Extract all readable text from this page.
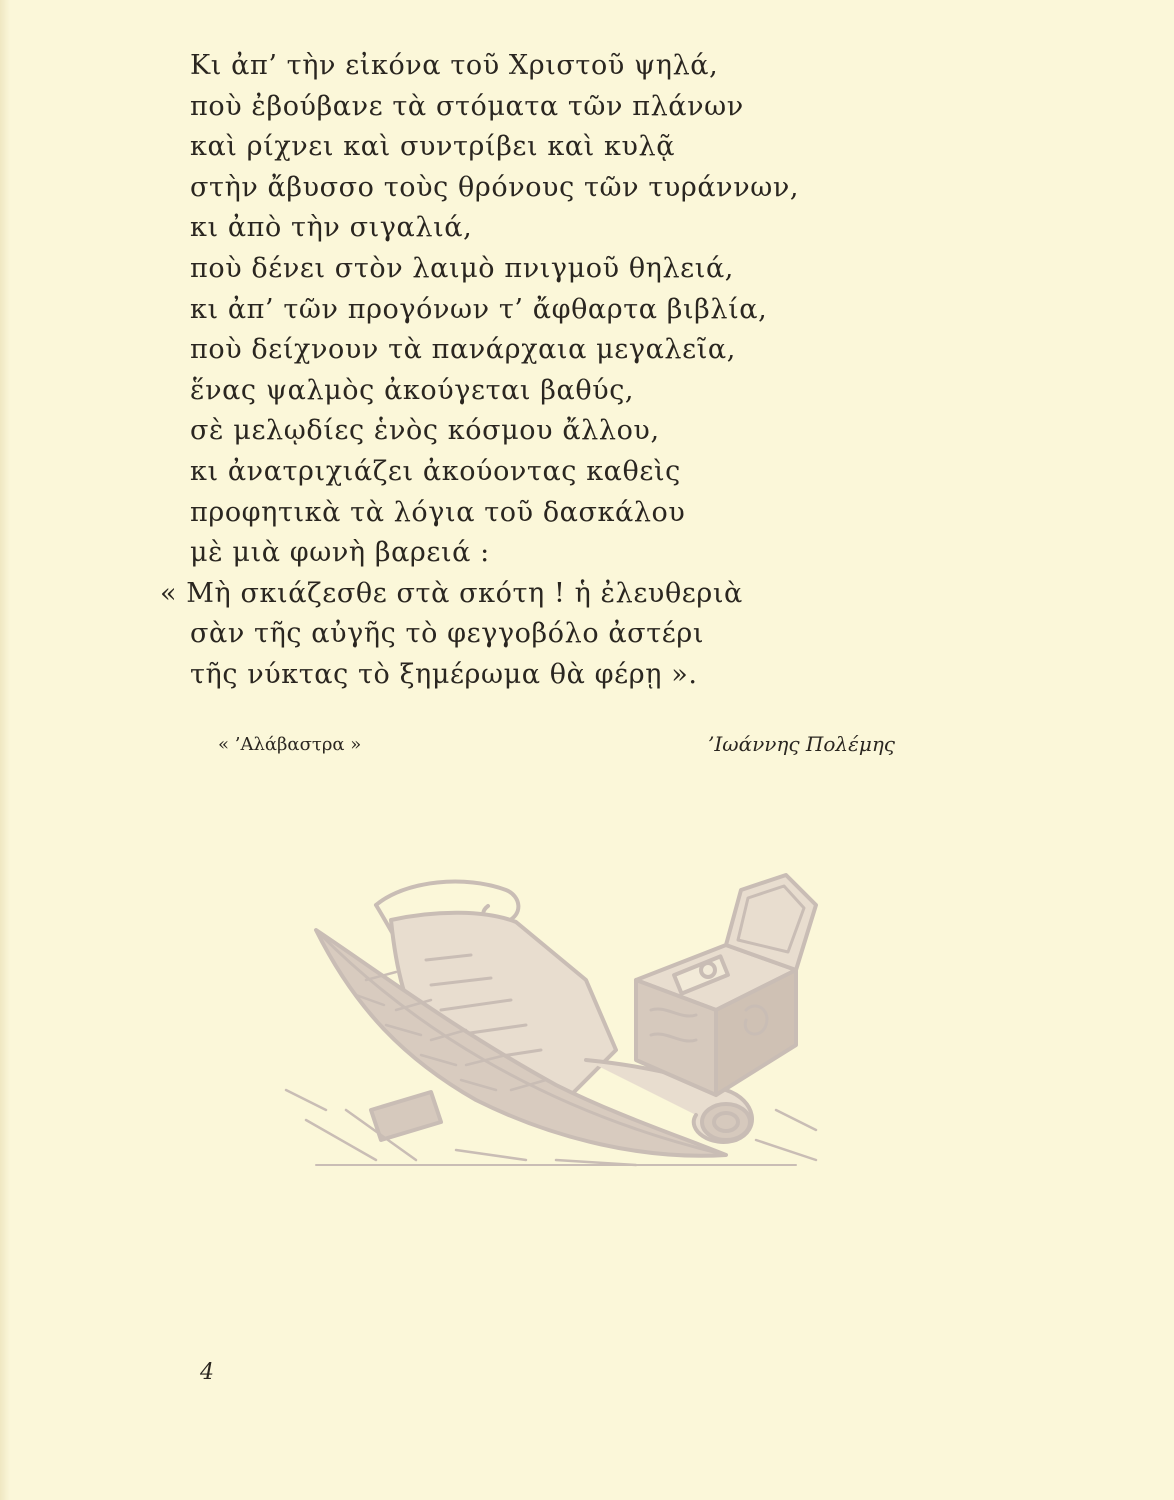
Κι ἀπ’ τὴν εἰκόνα τοῦ Χριστοῦ ψηλά,
ποὺ ἐβούβανε τὰ στόματα τῶν πλάνων
καὶ ρίχνει καὶ συντρίβει καὶ κυλᾷ
στὴν ἄβυσσο τοὺς θρόνους τῶν τυράννων,
κι ἀπὸ τὴν σιγαλιά,
ποὺ δένει στὸν λαιμὸ πνιγμοῦ θηλειά,
κι ἀπ’ τῶν προγόνων τ’ ἄφθαρτα βιβλία,
ποὺ δείχνουν τὰ πανάρχαια μεγαλεῖα,
ἕνας ψαλμὸς ἀκούγεται βαθύς,
σὲ μελῳδίες ἑνὸς κόσμου ἄλλου,
κι ἀνατριχιάζει ἀκούοντας καθεὶς
προφητικὰ τὰ λόγια τοῦ δασκάλου
μὲ μιὰ φωνὴ βαρειά :
« Μὴ σκιάζεσθε στὰ σκότη ! ἡ ἐλευθεριὰ
σὰν τῆς αὐγῆς τὸ φεγγοβόλο ἀστέρι
τῆς νύκτας τὸ ξημέρωμα θὰ φέρῃ ».
« ’Αλάβαστρα »	’Ιωάννης Πολέμης
4
